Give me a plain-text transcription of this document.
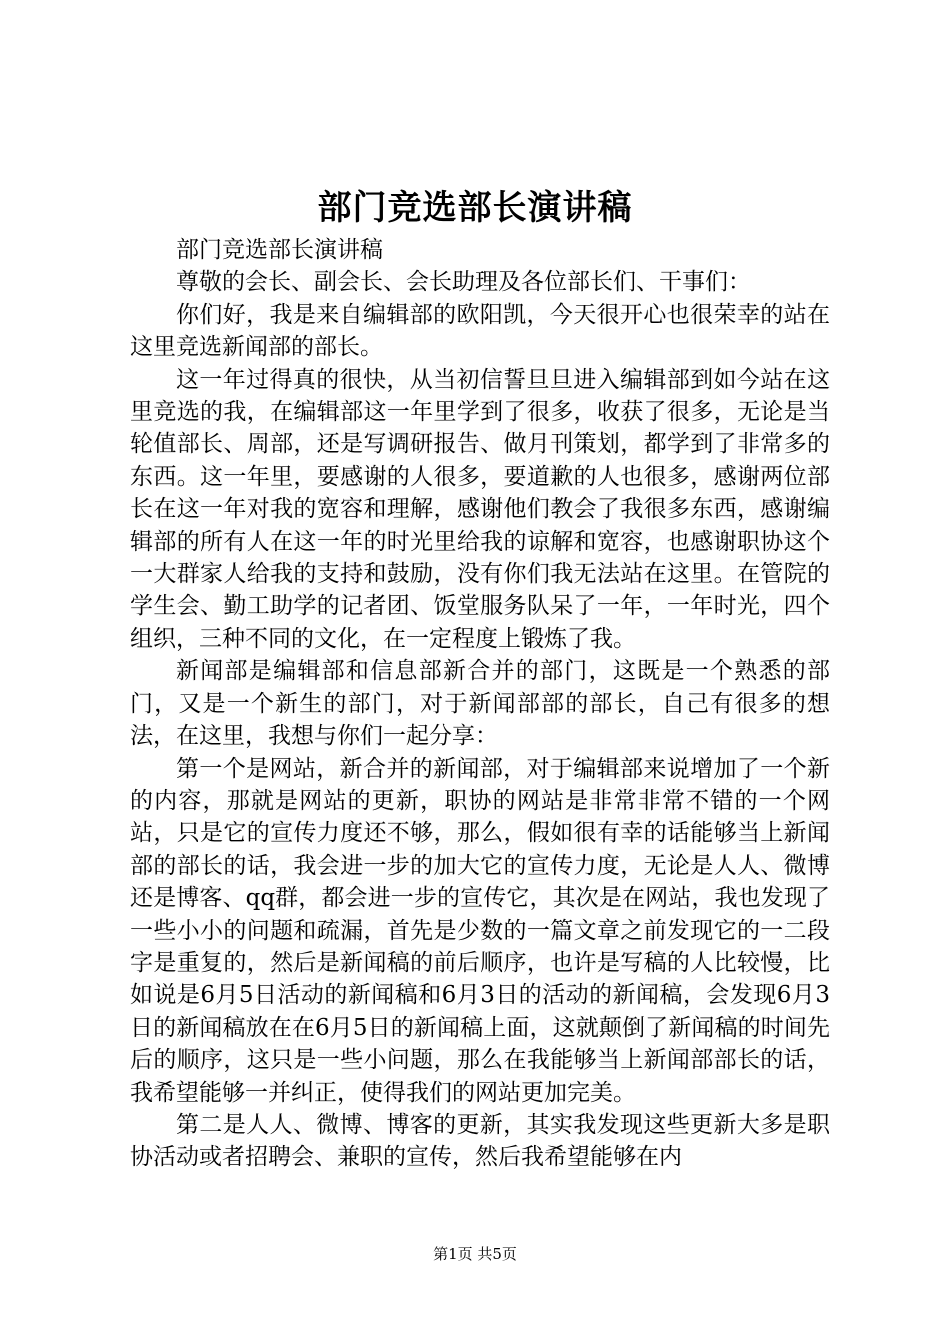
部门竞选部长演讲稿

部门竞选部长演讲稿

尊敬的会长、副会长、会长助理及各位部长们、干事们：

你们好，我是来自编辑部的欧阳凯，今天很开心也很荣幸的站在这里竞选新闻部的部长。

这一年过得真的很快，从当初信誓旦旦进入编辑部到如今站在这里竞选的我，在编辑部这一年里学到了很多，收获了很多，无论是当轮值部长、周部，还是写调研报告、做月刊策划，都学到了非常多的东西。这一年里，要感谢的人很多，要道歉的人也很多，感谢两位部长在这一年对我的宽容和理解，感谢他们教会了我很多东西，感谢编辑部的所有人在这一年的时光里给我的谅解和宽容，也感谢职协这个一大群家人给我的支持和鼓励，没有你们我无法站在这里。在管院的学生会、勤工助学的记者团、饭堂服务队呆了一年，一年时光，四个组织，三种不同的文化，在一定程度上锻炼了我。

新闻部是编辑部和信息部新合并的部门，这既是一个熟悉的部门，又是一个新生的部门，对于新闻部部的部长，自己有很多的想法，在这里，我想与你们一起分享：

第一个是网站，新合并的新闻部，对于编辑部来说增加了一个新的内容，那就是网站的更新，职协的网站是非常非常不错的一个网站，只是它的宣传力度还不够，那么，假如很有幸的话能够当上新闻部的部长的话，我会进一步的加大它的宣传力度，无论是人人、微博还是博客、qq群，都会进一步的宣传它，其次是在网站，我也发现了一些小小的问题和疏漏，首先是少数的一篇文章之前发现它的一二段字是重复的，然后是新闻稿的前后顺序，也许是写稿的人比较慢，比如说是6月5日活动的新闻稿和6月3日的活动的新闻稿，会发现6月3日的新闻稿放在在6月5日的新闻稿上面，这就颠倒了新闻稿的时间先后的顺序，这只是一些小问题，那么在我能够当上新闻部部长的话，我希望能够一并纠正，使得我们的网站更加完美。

第二是人人、微博、博客的更新，其实我发现这些更新大多是职协活动或者招聘会、兼职的宣传，然后我希望能够在内

第1页 共5页
